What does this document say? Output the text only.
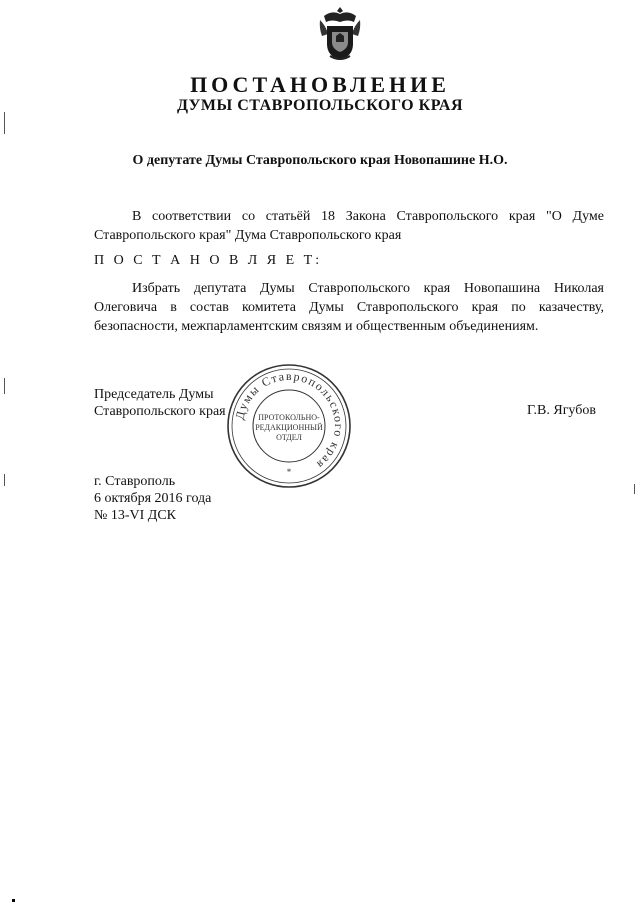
ПОСТАНОВЛЕНИЕ
ДУМЫ СТАВРОПОЛЬСКОГО КРАЯ
О депутате Думы Ставропольского края Новопашине Н.О.
В соответствии со статьёй 18 Закона Ставропольского края "О Думе Ставропольского края" Дума Ставропольского края
П О С Т А Н О В Л Я Е Т:
Избрать депутата Думы Ставропольского края Новопашина Николая Олеговича в состав комитета Думы Ставропольского края по казачеству, безопасности, межпарламентским связям и общественным объединениям.
Председатель Думы
Ставропольского края	Г.В. Ягубов
Думы Ставропольского края
ПРОТОКОЛЬНО-
РЕДАКЦИОННЫЙ
ОТДЕЛ
*
г. Ставрополь
6 октября 2016 года
№ 13-VI ДСК
